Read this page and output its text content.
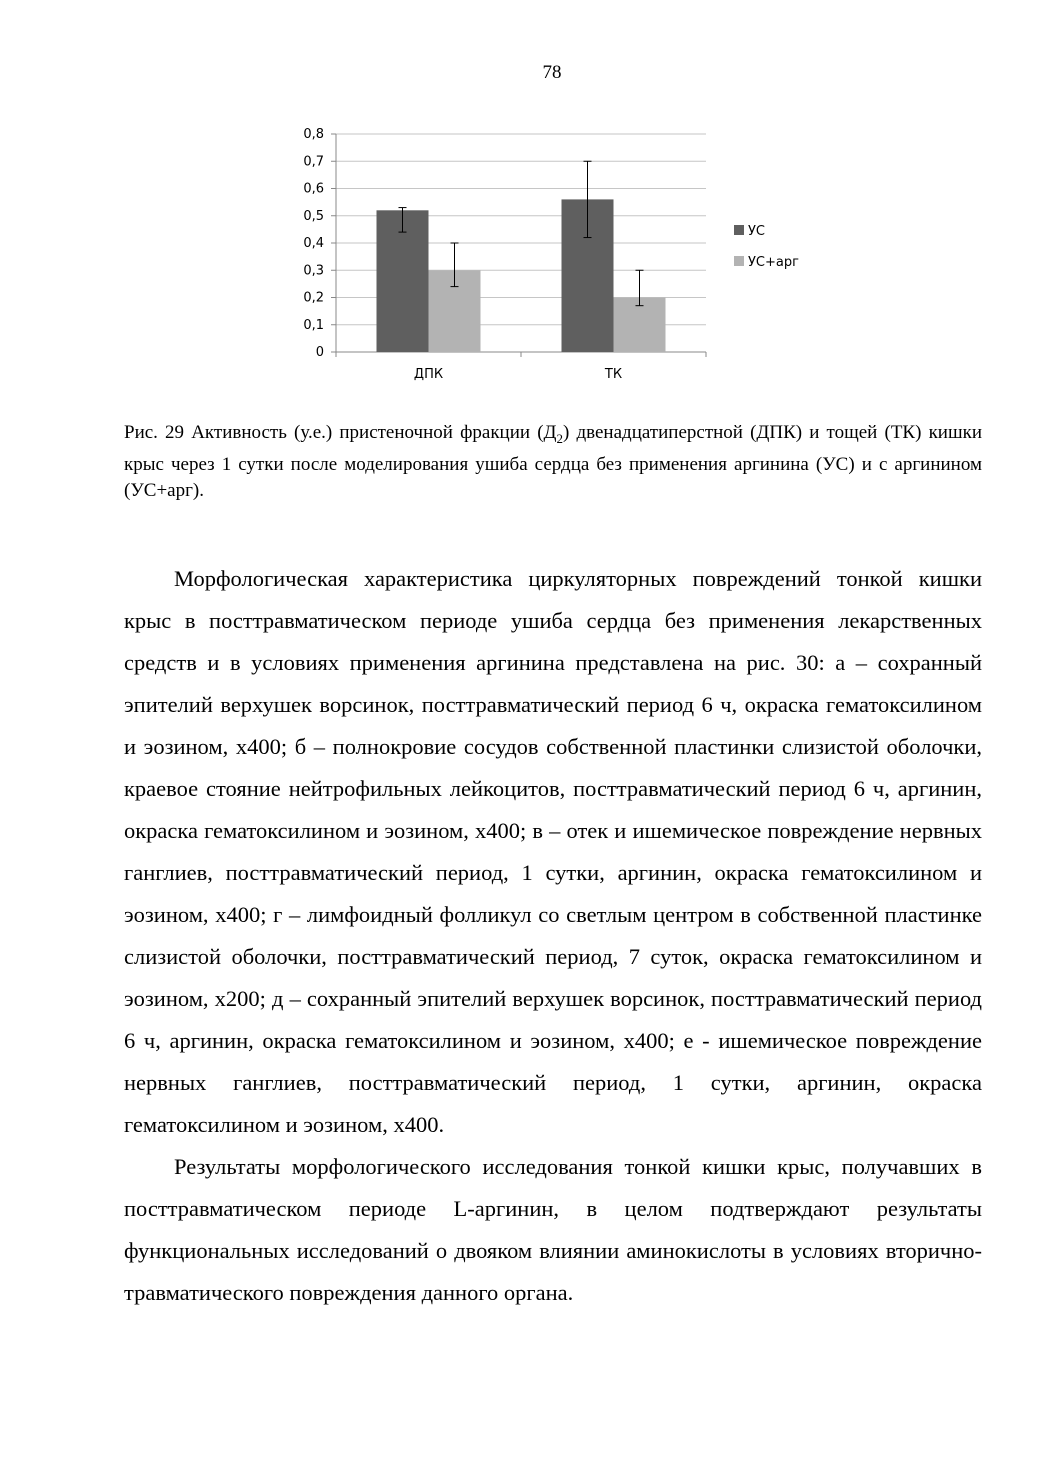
78
0
0,1
0,2
0,3
0,4
0,5
0,6
0,7
0,8
ДПК	ТК
УС
УС+арг
Рис. 29 Активность (у.е.) пристеночной фракции $(Д_2)$ двенадцатиперстной (ДПК) и тощей (ТК) кишки крыс через 1 сутки после моделирования ушиба сердца без применения аргинина (УС) и с аргинином (УС+арг).

Морфологическая характеристика циркуляторных повреждений тонкой кишки крыс в посттравматическом периоде ушиба сердца без применения лекарственных средств и в условиях применения аргинина представлена на рис. 30: а – сохранный эпителий верхушек ворсинок, посттравматический период 6 ч, окраска гематоксилином и эозином, х400; б – полнокровие сосудов собственной пластинки слизистой оболочки, краевое стояние нейтрофильных лейкоцитов, посттравматический период 6 ч, аргинин, окраска гематоксилином и эозином, х400; в – отек и ишемическое повреждение нервных ганглиев, посттравматический период, 1 сутки, аргинин, окраска гематоксилином и эозином, х400; г – лимфоидный фолликул со светлым центром в собственной пластинке слизистой оболочки, посттравматический период, 7 суток, окраска гематоксилином и эозином, х200; д – сохранный эпителий верхушек ворсинок, посттравматический период 6 ч, аргинин, окраска гематоксилином и эозином, х400; е - ишемическое повреждение нервных ганглиев, посттравматический период, 1 сутки, аргинин, окраска гематоксилином и эозином, х400.

Результаты морфологического исследования тонкой кишки крыс, получавших в посттравматическом периоде L-аргинин, в целом подтверждают результаты функциональных исследований о двояком влиянии аминокислоты в условиях вторично-травматического повреждения данного органа.
